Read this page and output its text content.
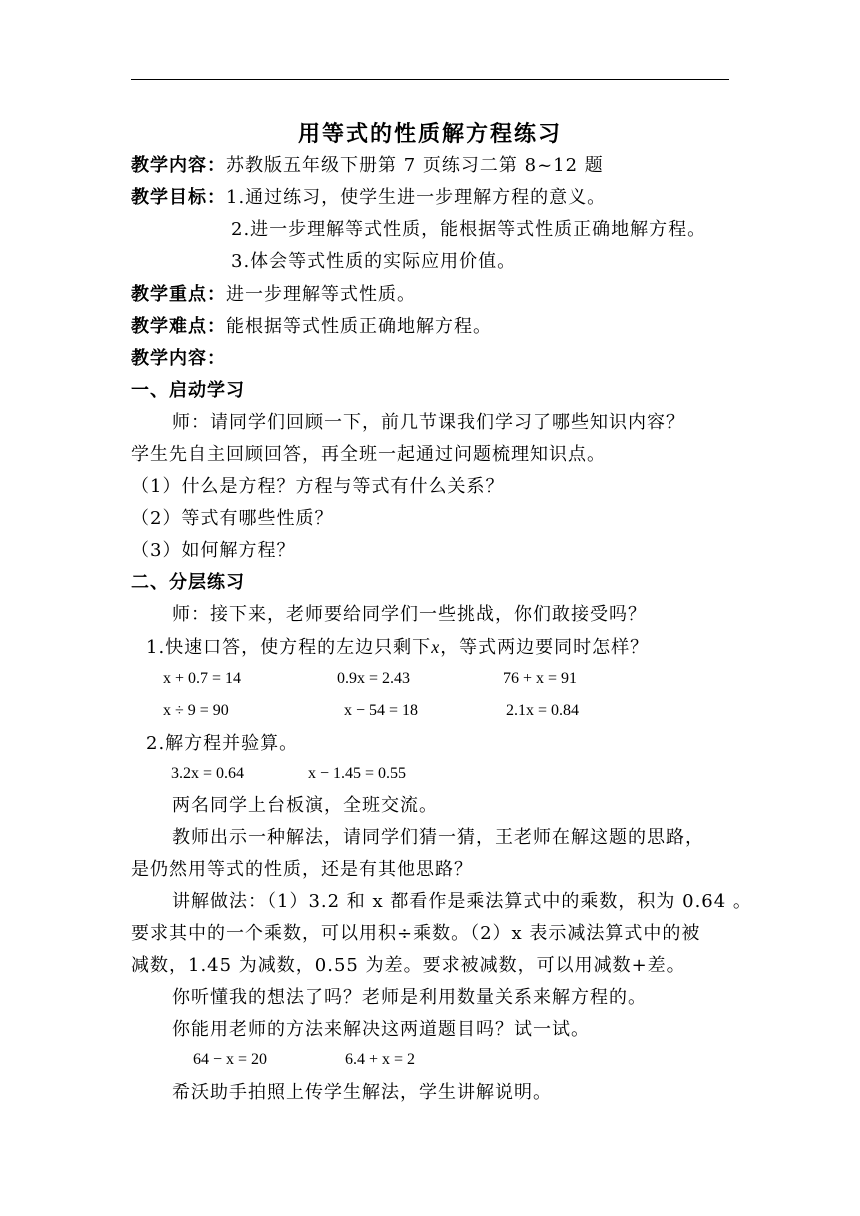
用等式的性质解方程练习
教学内容：苏教版五年级下册第 7 页练习二第 8~12 题
教学目标：1.通过练习，使学生进一步理解方程的意义。
2.进一步理解等式性质，能根据等式性质正确地解方程。
3.体会等式性质的实际应用价值。
教学重点：进一步理解等式性质。
教学难点：能根据等式性质正确地解方程。
教学内容：
一、启动学习
师：请同学们回顾一下，前几节课我们学习了哪些知识内容？
学生先自主回顾回答，再全班一起通过问题梳理知识点。
（1）什么是方程？方程与等式有什么关系？
（2）等式有哪些性质？
（3）如何解方程？
二、分层练习
师：接下来，老师要给同学们一些挑战，你们敢接受吗？
1.快速口答，使方程的左边只剩下x，等式两边要同时怎样？
x + 0.7 = 14	0.9x = 2.43	76 + x = 91
x ÷ 9 = 90	x − 54 = 18	2.1x = 0.84
2.解方程并验算。
3.2x = 0.64	x − 1.45 = 0.55
两名同学上台板演，全班交流。
教师出示一种解法，请同学们猜一猜，王老师在解这题的思路，
是仍然用等式的性质，还是有其他思路？
讲解做法：（1）3.2 和 x 都看作是乘法算式中的乘数，积为 0.64 。
要求其中的一个乘数，可以用积÷乘数。（2）x 表示减法算式中的被
减数，1.45 为减数，0.55 为差。要求被减数，可以用减数+差。
你听懂我的想法了吗？老师是利用数量关系来解方程的。
你能用老师的方法来解决这两道题目吗？试一试。
64 − x = 20	6.4 + x = 2
希沃助手拍照上传学生解法，学生讲解说明。
